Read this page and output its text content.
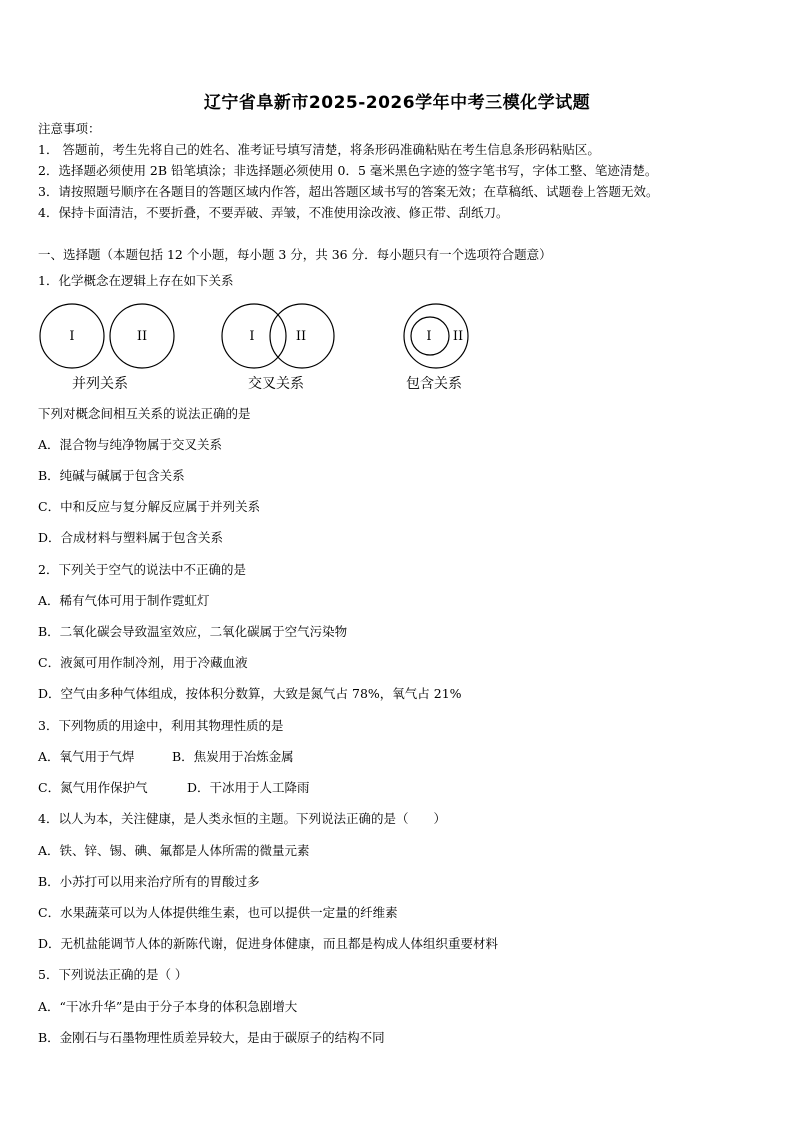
辽宁省阜新市2025-2026学年中考三模化学试题
注意事项：
1． 答题前，考生先将自己的姓名、准考证号填写清楚，将条形码准确粘贴在考生信息条形码粘贴区。
2．选择题必须使用 2B 铅笔填涂；非选择题必须使用 0．5 毫米黑色字迹的签字笔书写，字体工整、笔迹清楚。
3．请按照题号顺序在各题目的答题区域内作答，超出答题区域书写的答案无效；在草稿纸、试题卷上答题无效。
4．保持卡面清洁，不要折叠，不要弄破、弄皱，不准使用涂改液、修正带、刮纸刀。
一、选择题（本题包括 12 个小题，每小题 3 分，共 36 分．每小题只有一个选项符合题意）
1．化学概念在逻辑上存在如下关系
I	II	I	II	I II
并列关系	交叉关系	包含关系
下列对概念间相互关系的说法正确的是
A．混合物与纯净物属于交叉关系
B．纯碱与碱属于包含关系
C．中和反应与复分解反应属于并列关系
D．合成材料与塑料属于包含关系
2．下列关于空气的说法中不正确的是
A．稀有气体可用于制作霓虹灯
B．二氧化碳会导致温室效应，二氧化碳属于空气污染物
C．液氮可用作制冷剂，用于冷藏血液
D．空气由多种气体组成，按体积分数算，大致是氮气占 78%，氧气占 21%
3．下列物质的用途中，利用其物理性质的是
A．氧气用于气焊	B．焦炭用于冶炼金属
C．氮气用作保护气	D．干冰用于人工降雨
4．以人为本，关注健康，是人类永恒的主题。下列说法正确的是（　　）
A．铁、锌、锡、碘、氟都是人体所需的微量元素
B．小苏打可以用来治疗所有的胃酸过多
C．水果蔬菜可以为人体提供维生素，也可以提供一定量的纤维素
D．无机盐能调节人体的新陈代谢，促进身体健康，而且都是构成人体组织重要材料
5．下列说法正确的是（ ）
A．“干冰升华”是由于分子本身的体积急剧增大
B．金刚石与石墨物理性质差异较大，是由于碳原子的结构不同
